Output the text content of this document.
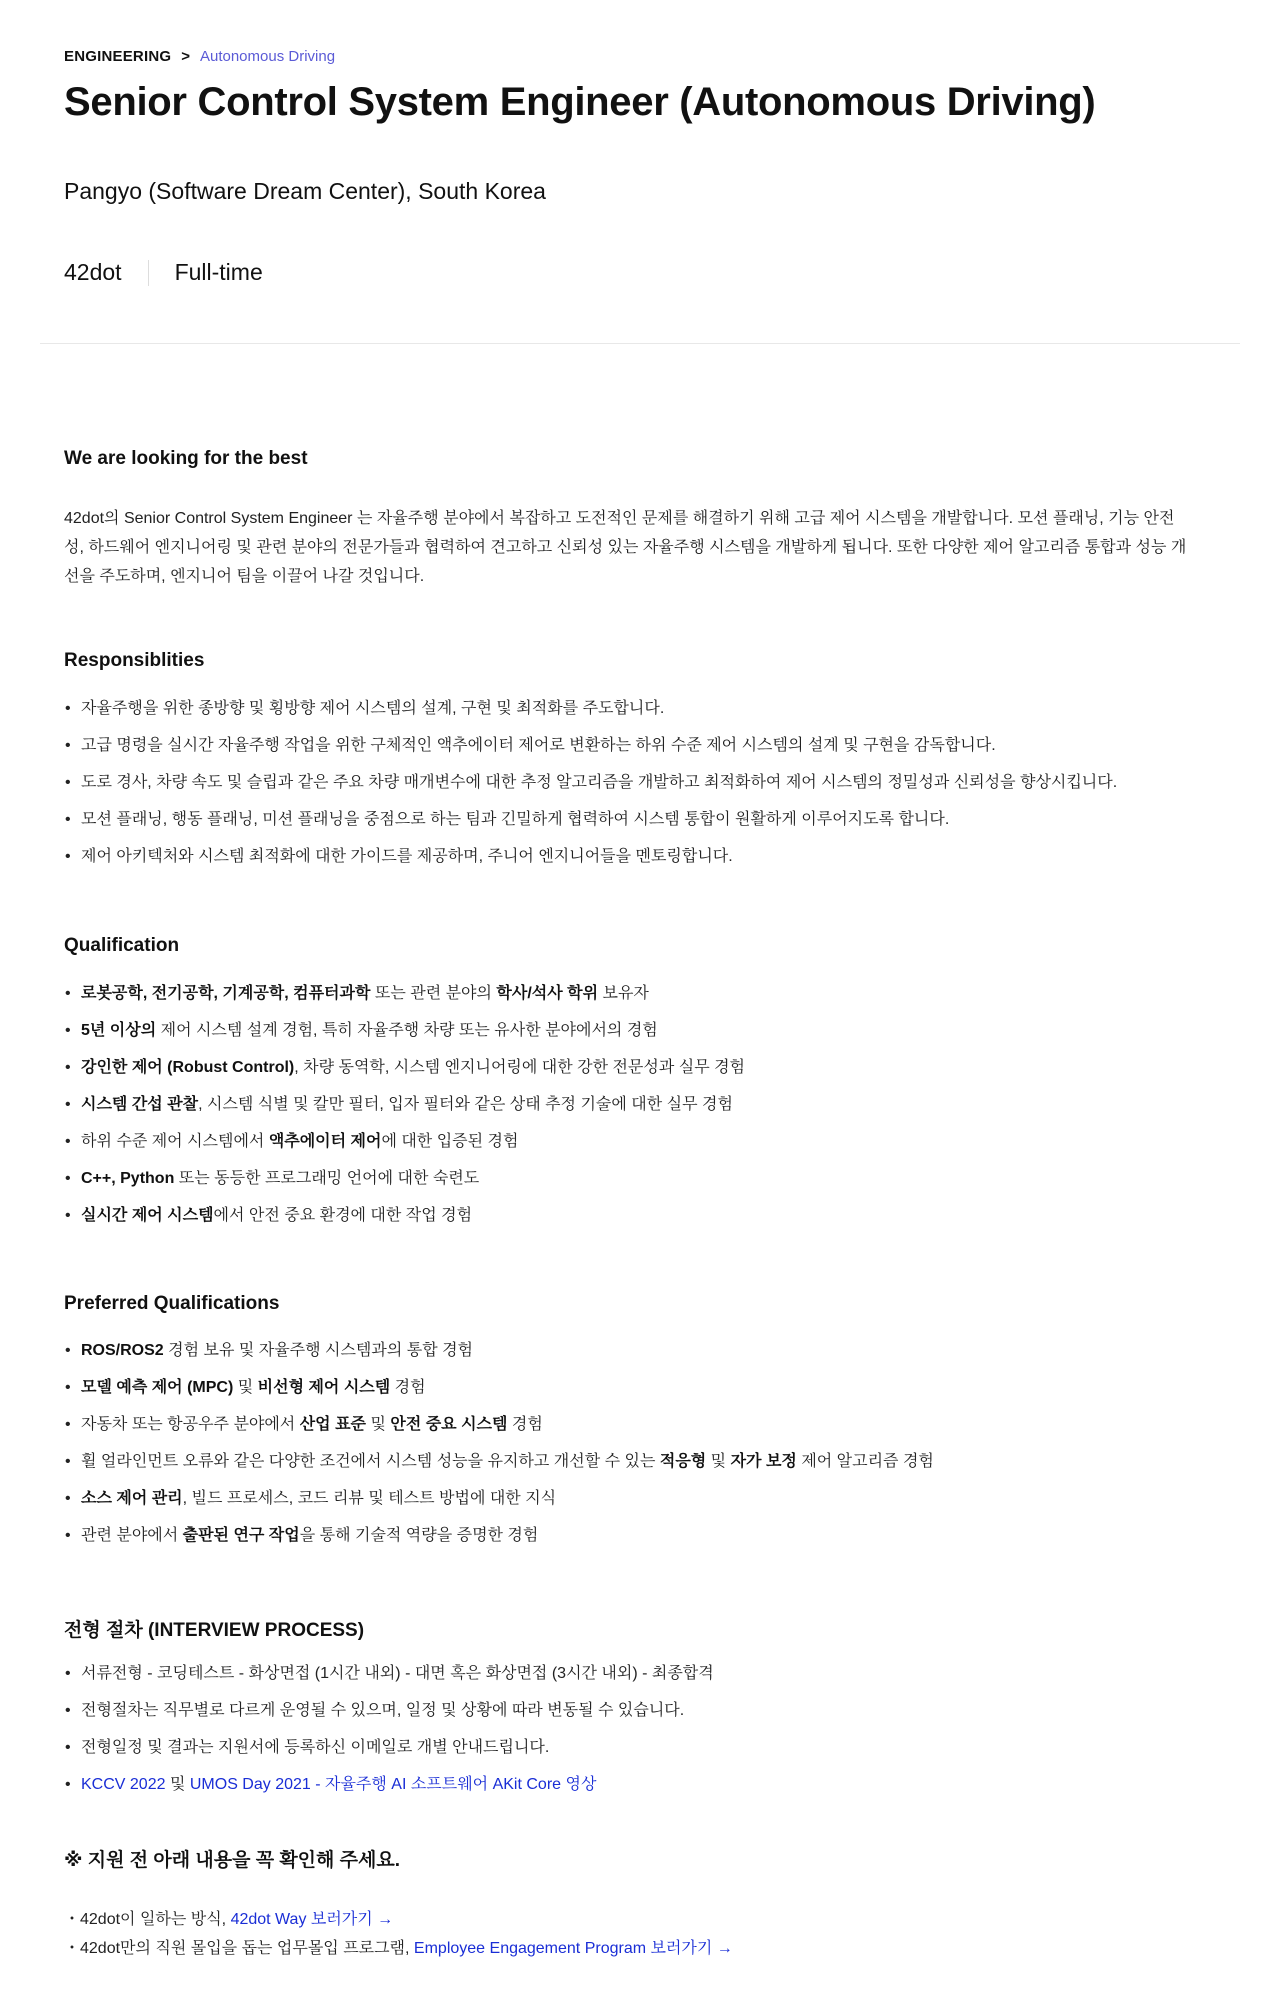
ENGINEERING > Autonomous Driving
Senior Control System Engineer (Autonomous Driving)
Pangyo (Software Dream Center), South Korea
42dot Full-time
We are looking for the best

42dot의 Senior Control System Engineer 는 자율주행 분야에서 복잡하고 도전적인 문제를 해결하기 위해 고급 제어 시스템을 개발합니다. 모션 플래닝, 기능 안전성, 하드웨어 엔지니어링 및 관련 분야의 전문가들과 협력하여 견고하고 신뢰성 있는 자율주행 시스템을 개발하게 됩니다. 또한 다양한 제어 알고리즘 통합과 성능 개선을 주도하며, 엔지니어 팀을 이끌어 나갈 것입니다.

Responsiblities
• 자율주행을 위한 종방향 및 횡방향 제어 시스템의 설계, 구현 및 최적화를 주도합니다.
• 고급 명령을 실시간 자율주행 작업을 위한 구체적인 액추에이터 제어로 변환하는 하위 수준 제어 시스템의 설계 및 구현을 감독합니다.
• 도로 경사, 차량 속도 및 슬립과 같은 주요 차량 매개변수에 대한 추정 알고리즘을 개발하고 최적화하여 제어 시스템의 정밀성과 신뢰성을 향상시킵니다.
• 모션 플래닝, 행동 플래닝, 미션 플래닝을 중점으로 하는 팀과 긴밀하게 협력하여 시스템 통합이 원활하게 이루어지도록 합니다.
• 제어 아키텍처와 시스템 최적화에 대한 가이드를 제공하며, 주니어 엔지니어들을 멘토링합니다.
Qualification
• 로봇공학, 전기공학, 기계공학, 컴퓨터과학 또는 관련 분야의 학사/석사 학위 보유자
• 5년 이상의 제어 시스템 설계 경험, 특히 자율주행 차량 또는 유사한 분야에서의 경험
• 강인한 제어 (Robust Control), 차량 동역학, 시스템 엔지니어링에 대한 강한 전문성과 실무 경험
• 시스템 간섭 관찰, 시스템 식별 및 칼만 필터, 입자 필터와 같은 상태 추정 기술에 대한 실무 경험
• 하위 수준 제어 시스템에서 액추에이터 제어에 대한 입증된 경험
• C++, Python 또는 동등한 프로그래밍 언어에 대한 숙련도
• 실시간 제어 시스템에서 안전 중요 환경에 대한 작업 경험
Preferred Qualifications
• ROS/ROS2 경험 보유 및 자율주행 시스템과의 통합 경험
• 모델 예측 제어 (MPC) 및 비선형 제어 시스템 경험
• 자동차 또는 항공우주 분야에서 산업 표준 및 안전 중요 시스템 경험
• 휠 얼라인먼트 오류와 같은 다양한 조건에서 시스템 성능을 유지하고 개선할 수 있는 적응형 및 자가 보정 제어 알고리즘 경험
• 소스 제어 관리, 빌드 프로세스, 코드 리뷰 및 테스트 방법에 대한 지식
• 관련 분야에서 출판된 연구 작업을 통해 기술적 역량을 증명한 경험
전형 절차 (INTERVIEW PROCESS)
• 서류전형 - 코딩테스트 - 화상면접 (1시간 내외) - 대면 혹은 화상면접 (3시간 내외) - 최종합격
• 전형절차는 직무별로 다르게 운영될 수 있으며, 일정 및 상황에 따라 변동될 수 있습니다.
• 전형일정 및 결과는 지원서에 등록하신 이메일로 개별 안내드립니다.
• KCCV 2022 및 UMOS Day 2021 - 자율주행 AI 소프트웨어 AKit Core 영상
※ 지원 전 아래 내용을 꼭 확인해 주세요.
・42dot이 일하는 방식, 42dot Way 보러가기 →
・42dot만의 직원 몰입을 돕는 업무몰입 프로그램, Employee Engagement Program 보러가기 →
